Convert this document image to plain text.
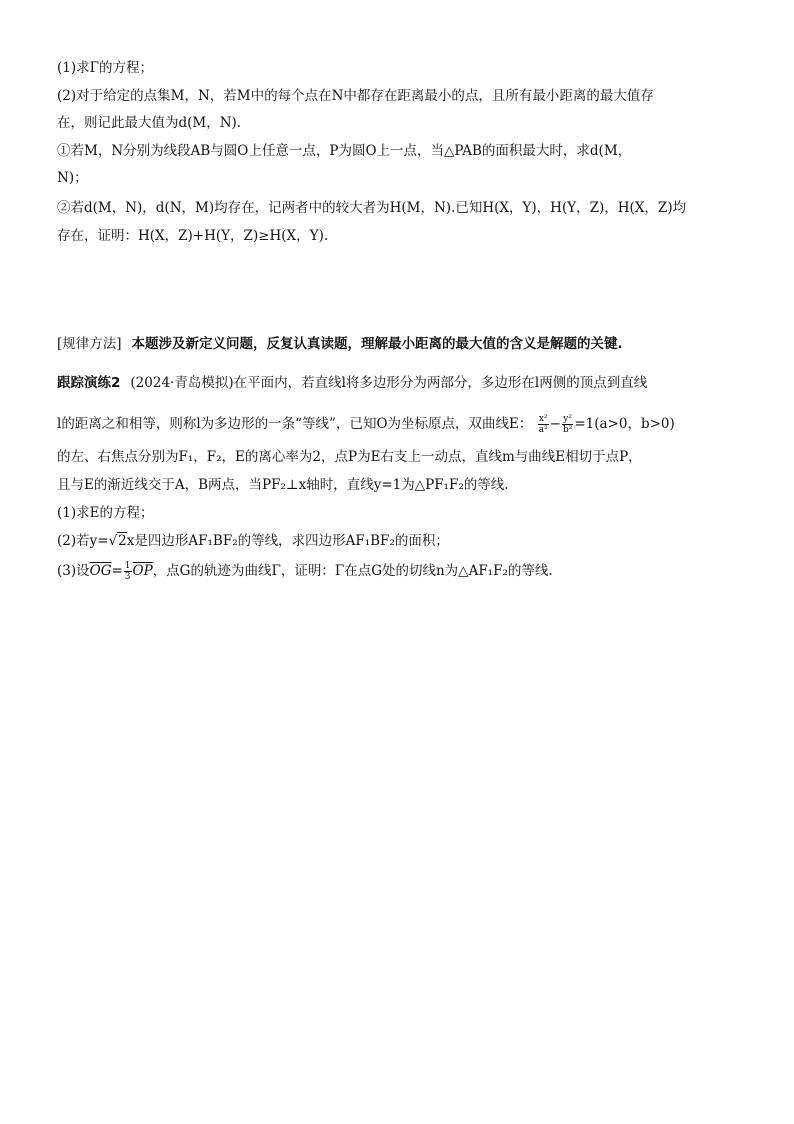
(1)求Γ的方程；
(2)对于给定的点集M，N，若M中的每个点在N中都存在距离最小的点，且所有最小距离的最大值存
在，则记此最大值为d(M，N).
①若M，N分别为线段AB与圆O上任意一点，P为圆O上一点，当△PAB的面积最大时，求d(M，
N)；
②若d(M，N)，d(N，M)均存在，记两者中的较大者为H(M，N).已知H(X，Y)，H(Y，Z)，H(X，Z)均
存在，证明：H(X，Z)+H(Y，Z)≥H(X，Y).
[规律方法] 本题涉及新定义问题，反复认真读题，理解最小距离的最大值的含义是解题的关键.
跟踪演练2 (2024·青岛模拟)在平面内，若直线l将多边形分为两部分，多边形在l两侧的顶点到直线
l的距离之和相等，则称l为多边形的一条“等线”，已知O为坐标原点，双曲线E： $\frac{\text{x²}}{\text{a²}} - \frac{\text{y²}}{\text{b²}} =1(a>0$，b>0)
的左、右焦点分别为F₁，F₂，E的离心率为2，点P为E右支上一动点，直线m与曲线E相切于点P，
且与E的渐近线交于A，B两点，当PF₂⊥x轴时，直线y=1为△PF₁F₂的等线.
(1)求E的方程；
(2)若y=√2x是四边形AF₁BF₂的等线，求四边形AF₁BF₂的面积；
(3)设$\overline{OG}= \frac{1}{3} \overline{OP}$，点G的轨迹为曲线Γ，证明：Γ在点G处的切线n为△AF₁F₂的等线.
